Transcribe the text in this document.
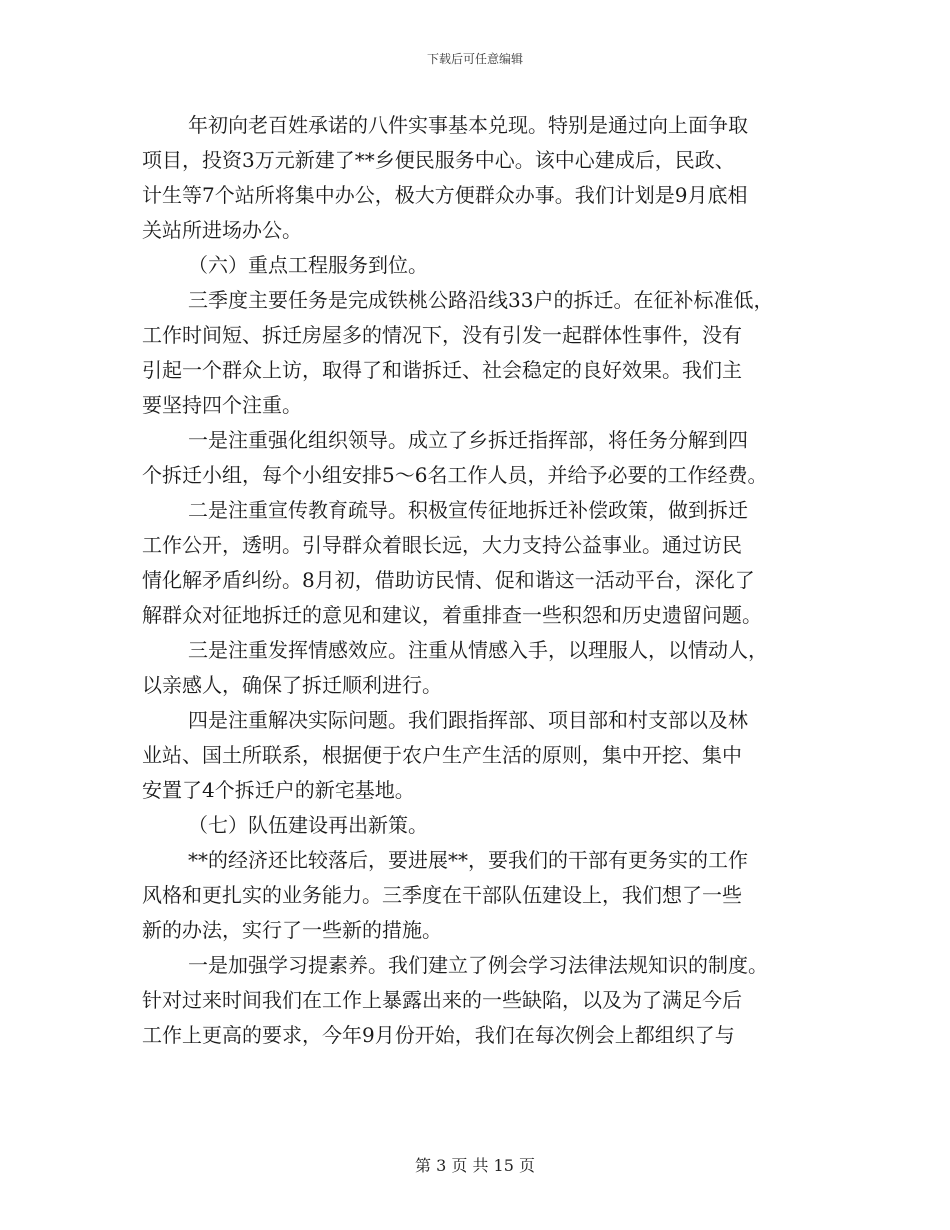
下载后可任意编辑

年初向老百姓承诺的八件实事基本兑现。特别是通过向上面争取

项目，投资3万元新建了**乡便民服务中心。该中心建成后，民政、

计生等7个站所将集中办公，极大方便群众办事。我们计划是9月底相

关站所进场办公。

（六）重点工程服务到位。

三季度主要任务是完成铁桃公路沿线33户的拆迁。在征补标准低，

工作时间短、拆迁房屋多的情况下，没有引发一起群体性事件，没有

引起一个群众上访，取得了和谐拆迁、社会稳定的良好效果。我们主

要坚持四个注重。

一是注重强化组织领导。成立了乡拆迁指挥部，将任务分解到四

个拆迁小组，每个小组安排5～6名工作人员，并给予必要的工作经费。

二是注重宣传教育疏导。积极宣传征地拆迁补偿政策，做到拆迁

工作公开，透明。引导群众着眼长远，大力支持公益事业。通过访民

情化解矛盾纠纷。8月初，借助访民情、促和谐这一活动平台，深化了

解群众对征地拆迁的意见和建议，着重排查一些积怨和历史遗留问题。

三是注重发挥情感效应。注重从情感入手，以理服人，以情动人，

以亲感人，确保了拆迁顺利进行。

四是注重解决实际问题。我们跟指挥部、项目部和村支部以及林

业站、国土所联系，根据便于农户生产生活的原则，集中开挖、集中

安置了4个拆迁户的新宅基地。

（七）队伍建设再出新策。

**的经济还比较落后，要进展**，要我们的干部有更务实的工作

风格和更扎实的业务能力。三季度在干部队伍建设上，我们想了一些

新的办法，实行了一些新的措施。

一是加强学习提素养。我们建立了例会学习法律法规知识的制度。

针对过来时间我们在工作上暴露出来的一些缺陷，以及为了满足今后

工作上更高的要求，今年9月份开始，我们在每次例会上都组织了与

第 3 页 共 15 页
